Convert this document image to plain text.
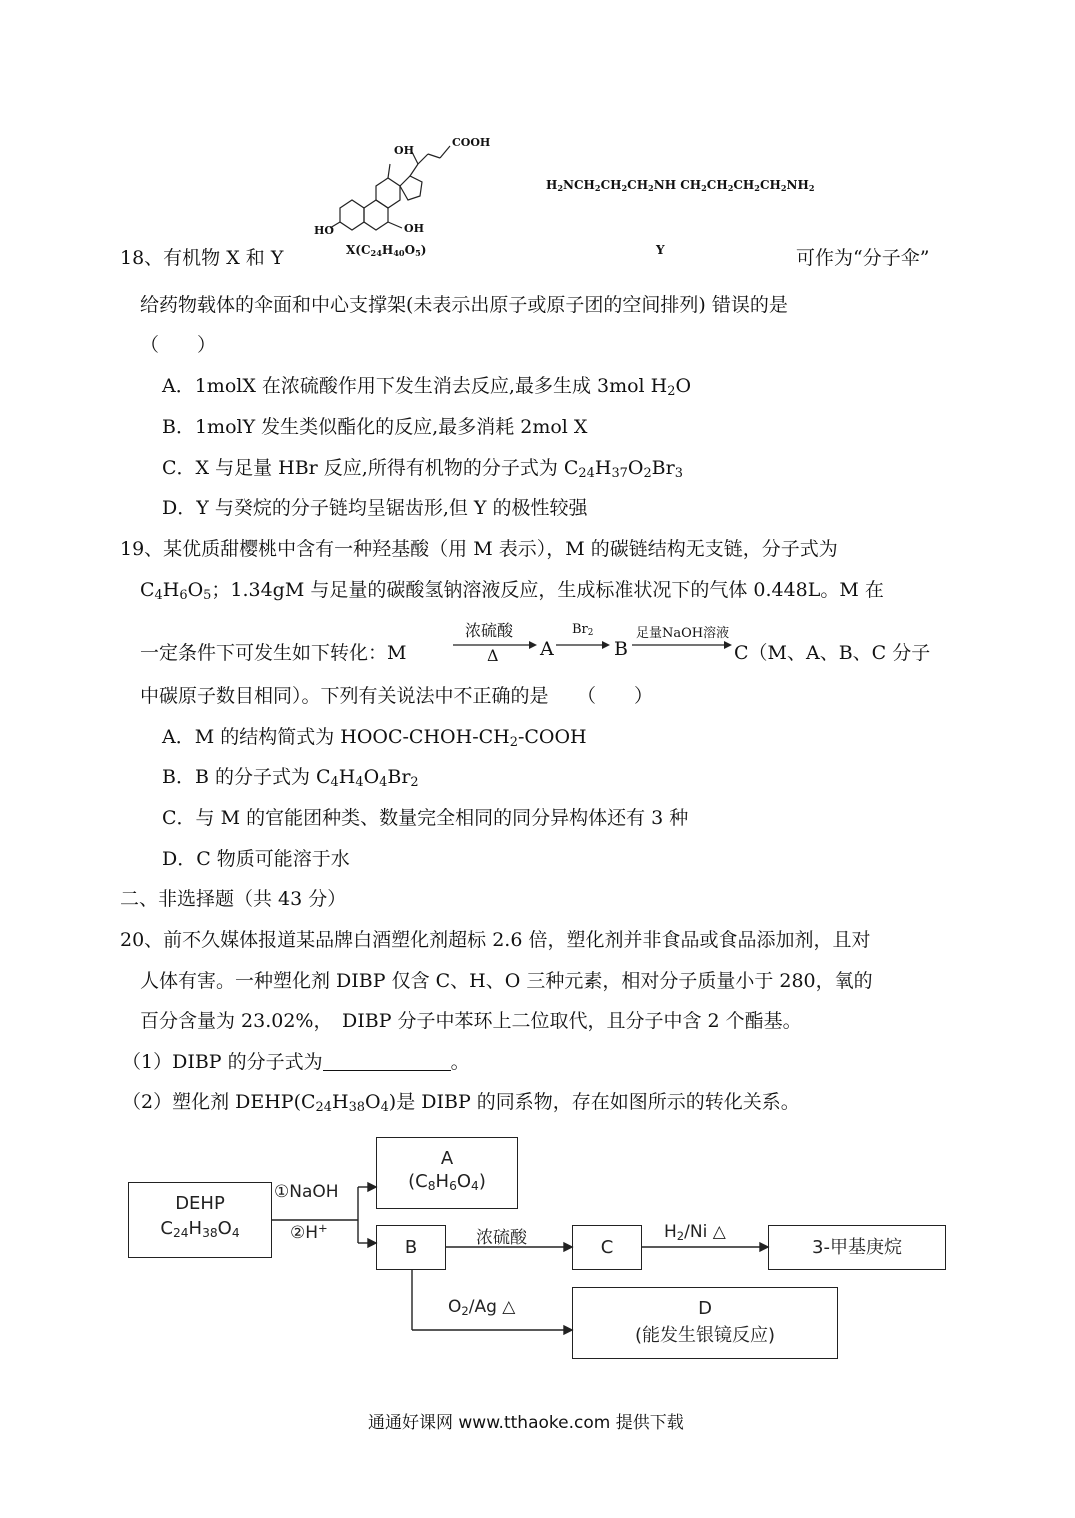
COOH
OH
HO	OH
$X(C_{24}H_{40}O_5)$
$H_2NCH_2CH_2CH_2NH$ $CH_2CH_2CH_2CH_2NH_2$
Y
18、有机物 X 和 Y	可作为“分子伞”
给药物载体的伞面和中心支撑架(未表示出原子或原子团的空间排列) 错误的是
（　　）
A．1molX 在浓硫酸作用下发生消去反应,最多生成 3mol $H_2O$
B．1molY 发生类似酯化的反应,最多消耗 2mol X
C．X 与足量 HBr 反应,所得有机物的分子式为 $C_{24}H_{37}O_2Br_3$
D．Y 与癸烷的分子链均呈锯齿形,但 Y 的极性较强
19、某优质甜樱桃中含有一种羟基酸（用 M 表示），M 的碳链结构无支链，分子式为
$C_4H_6O_5$；1.34gM 与足量的碳酸氢钠溶液反应，生成标准状况下的气体 0.448L。M 在
一定条件下可发生如下转化：M
浓硫酸
Δ A
$Br_2$
B
足量NaOH溶液
C（M、A、B、C 分子
中碳原子数目相同）。下列有关说法中不正确的是　　（　　）
A．M 的结构简式为 HOOC-$CHOH-CH_2$-COOH
B．B 的分子式为 $C_4H_4O_4Br_2$
C．与 M 的官能团种类、数量完全相同的同分异构体还有 3 种
D．C 物质可能溶于水
二、非选择题（共 43 分）
20、前不久媒体报道某品牌白酒塑化剂超标 2.6 倍，塑化剂并非食品或食品添加剂，且对
人体有害。一种塑化剂 DIBP 仅含 C、H、O 三种元素，相对分子质量小于 280，氧的
百分含量为 23.02%，　DIBP 分子中苯环上二位取代，且分子中含 2 个酯基。
（1）DIBP 的分子式为	。
（2）塑化剂 $DEHP(C_{24}H_{38}O_4)$是 DIBP 的同系物，存在如图所示的转化关系。
DEHP
$C_{24}H_{38}O_4$
①NaOH
②H+
A
$(C_8H_6O_4)$
B	浓硫酸	C
$H_2/Ni$ △
3-甲基庚烷
$O_2/Ag$ △	D
(能发生银镜反应)
通通好课网 www.tthaoke.com 提供下载
